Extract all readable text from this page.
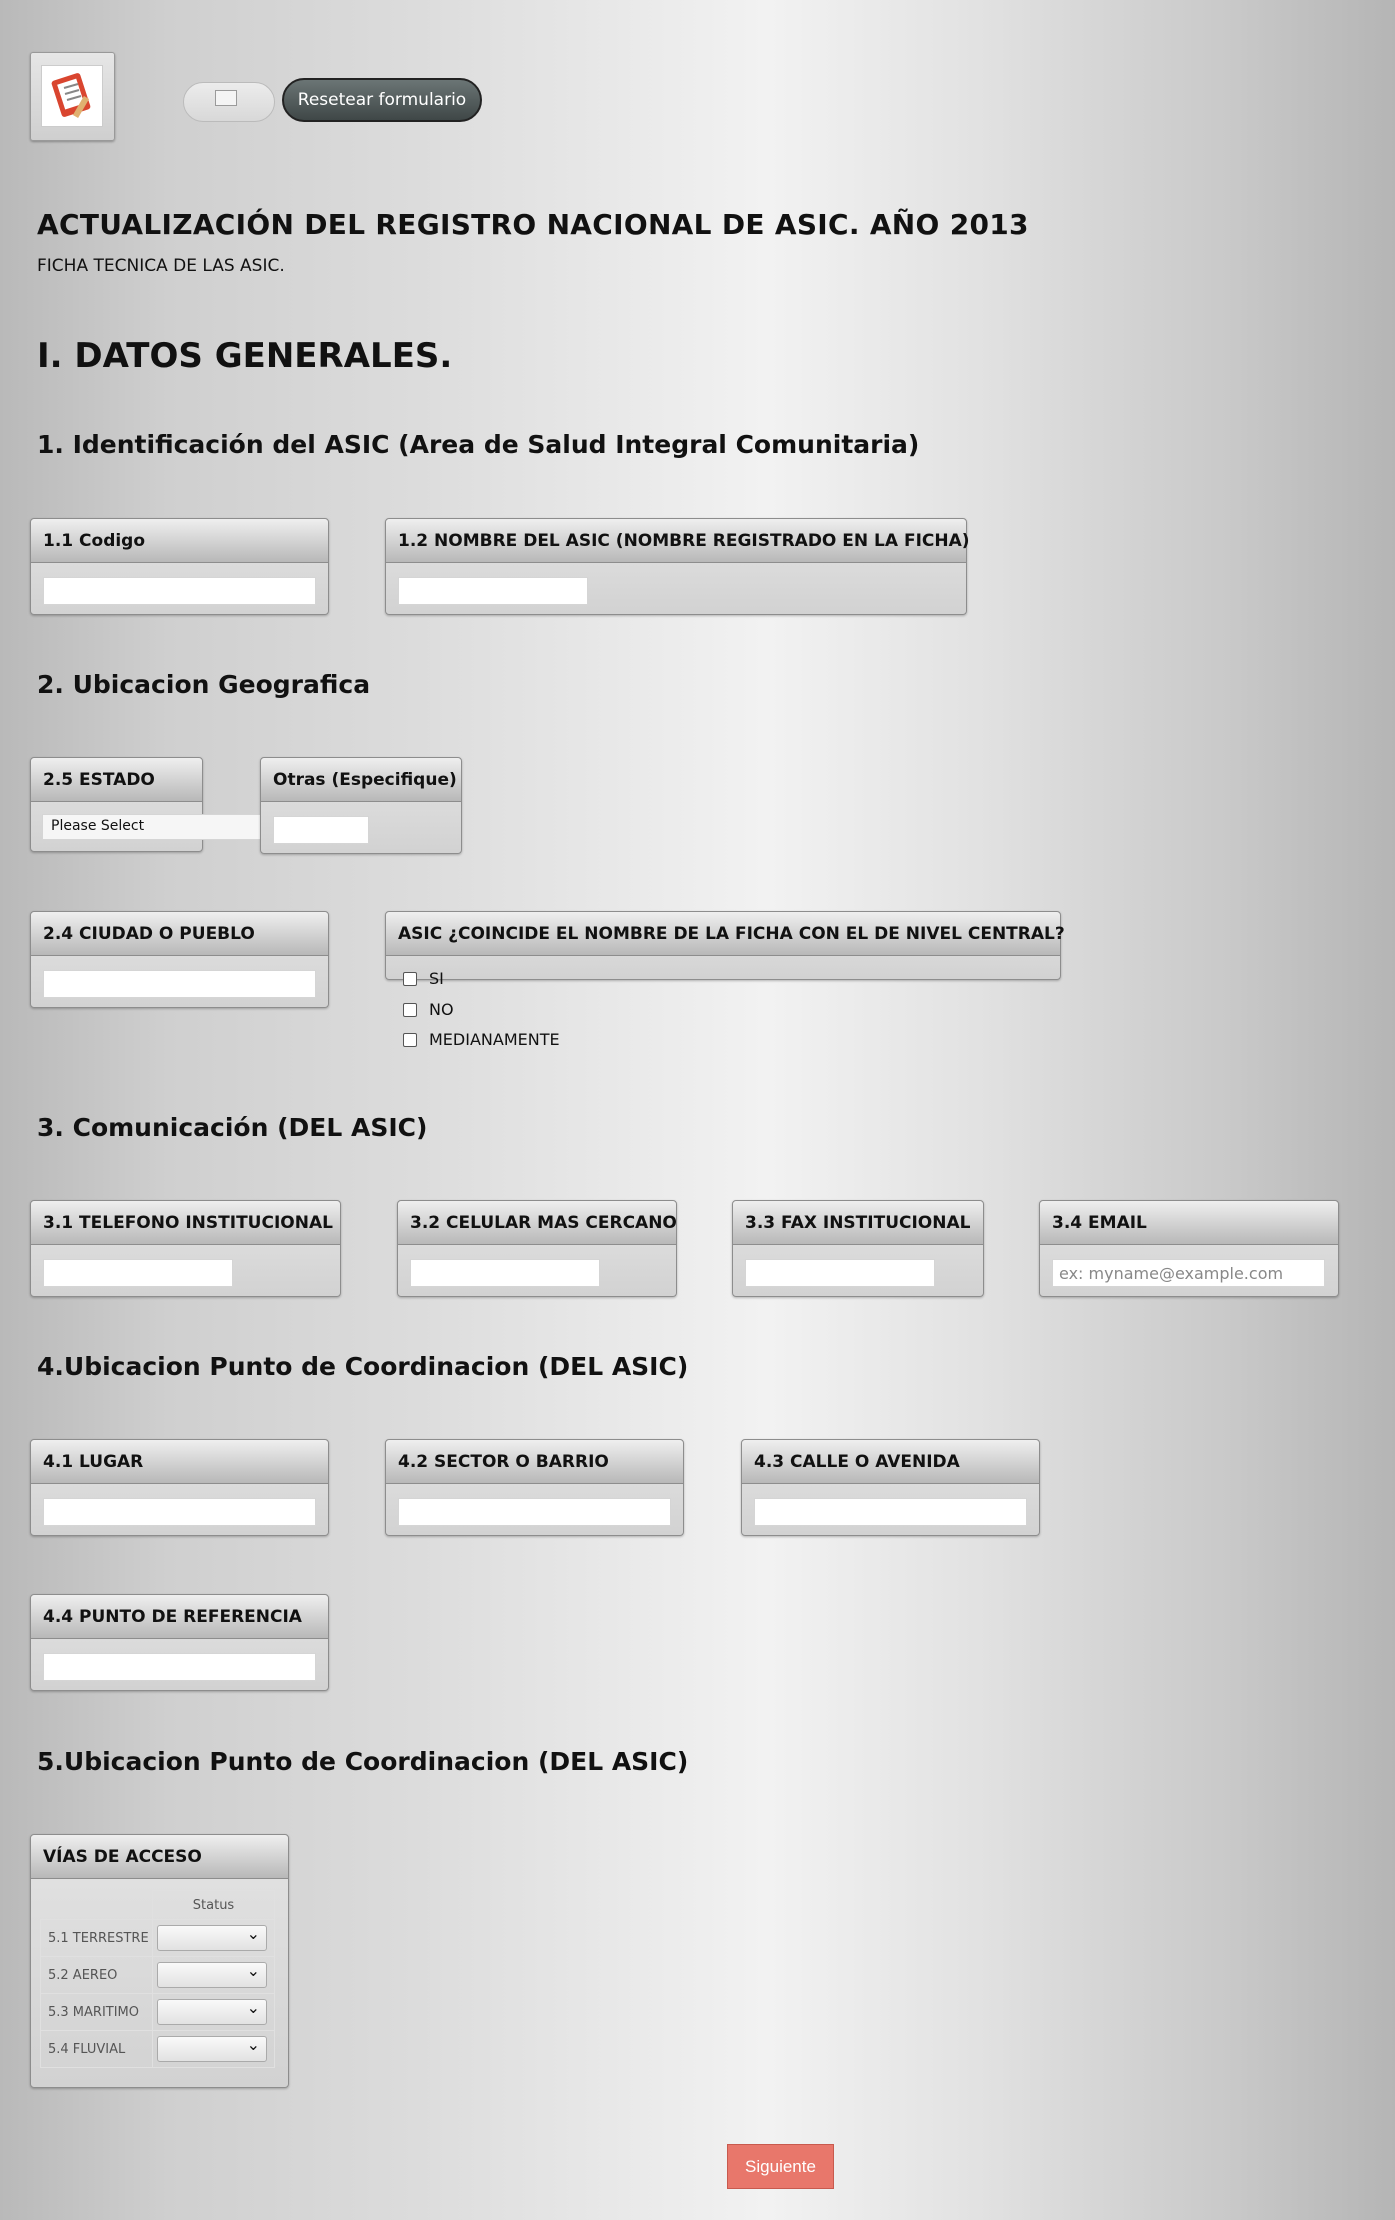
Resetear formulario
ACTUALIZACIÓN DEL REGISTRO NACIONAL DE ASIC. AÑO 2013
FICHA TECNICA DE LAS ASIC.
I. DATOS GENERALES.
1. Identificación del ASIC (Area de Salud Integral Comunitaria)
1.1 Codigo	1.2 NOMBRE DEL ASIC (NOMBRE REGISTRADO EN LA FICHA)
2. Ubicacion Geografica
2.5 ESTADO
Please Select
Otras (Especifique)
2.4 CIUDAD O PUEBLO	ASIC ¿COINCIDE EL NOMBRE DE LA FICHA CON EL DE NIVEL CENTRAL?
SI
NO
MEDIANAMENTE
3. Comunicación (DEL ASIC)
3.1 TELEFONO INSTITUCIONAL	3.2 CELULAR MAS CERCANO	3.3 FAX INSTITUCIONAL	3.4 EMAIL
ex: myname@example.com
4.Ubicacion Punto de Coordinacion (DEL ASIC)
4.1 LUGAR	4.2 SECTOR O BARRIO	4.3 CALLE O AVENIDA
4.4 PUNTO DE REFERENCIA
5.Ubicacion Punto de Coordinacion (DEL ASIC)
VÍAS DE ACCESO
	Status
5.1 TERRESTRE	
⌄

5.2 AEREO	
⌄

5.3 MARITIMO	
⌄

5.4 FLUVIAL	
⌄
Siguiente
